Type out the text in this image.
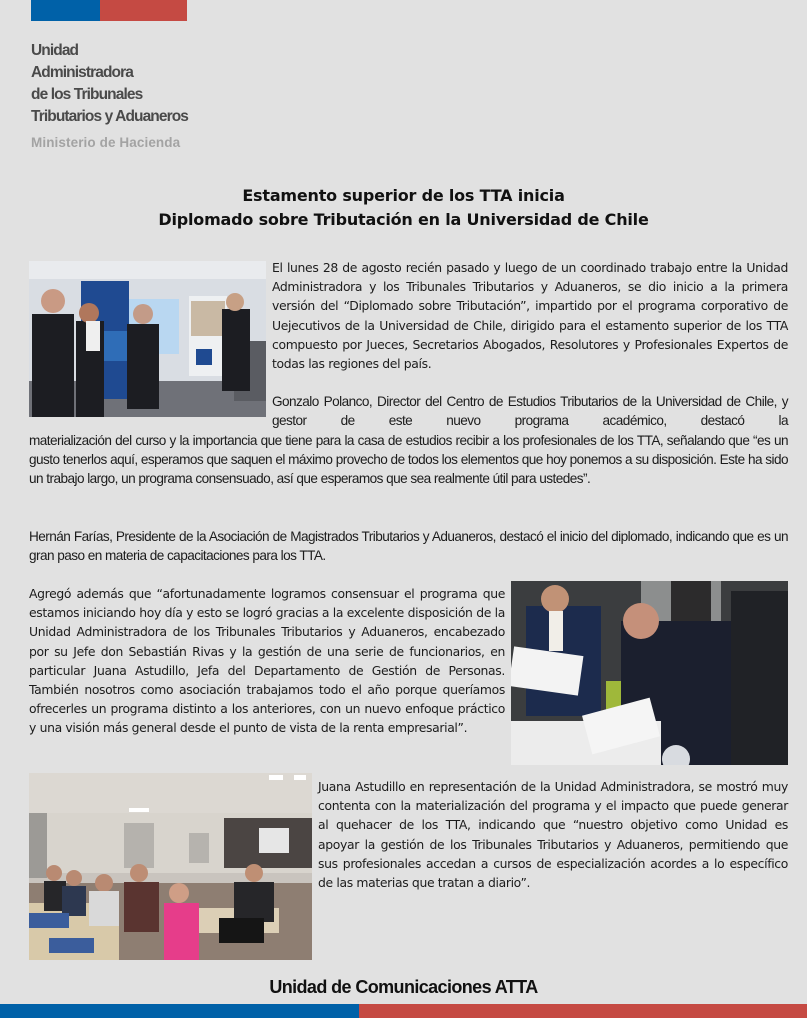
Unidad
Administradora
de los Tribunales
Tributarios y Aduaneros
Ministerio de Hacienda
Estamento superior de los TTA inicia
Diplomado sobre Tributación en la Universidad de Chile
El lunes 28 de agosto recién pasado y luego de un coordinado trabajo entre la Unidad Administradora y los Tribunales Tributarios y Aduaneros, se dio inicio a la primera versión del “Diplomado sobre Tributación”, impartido por el programa corporativo de Uejecutivos de la Universidad de Chile, dirigido para el estamento superior de los TTA compuesto por Jueces, Secretarios Abogados, Resolutores y Profesionales Expertos de todas las regiones del país.
Gonzalo Polanco, Director del Centro de Estudios Tributarios de la Universidad de Chile, y gestor de este nuevo programa académico, destacó la
materialización del curso y la importancia que tiene para la casa de estudios recibir a los profesionales de los TTA, señalando que “es un gusto tenerlos aquí, esperamos que saquen el máximo provecho de todos los elementos que hoy ponemos a su disposición. Este ha sido un trabajo largo, un programa consensuado, así que esperamos que sea realmente útil para ustedes”.
Hernán Farías, Presidente de la Asociación de Magistrados Tributarios y Aduaneros, destacó el inicio del diplomado, indicando que es un gran paso en materia de capacitaciones para los TTA.
Agregó además que “afortunadamente logramos consensuar el programa que estamos iniciando hoy día y esto se logró gracias a la excelente disposición de la Unidad Administradora de los Tribunales Tributarios y Aduaneros, encabezado por su Jefe don Sebastián Rivas y la gestión de una serie de funcionarios, en particular Juana Astudillo, Jefa del Departamento de Gestión de Personas. También nosotros como asociación trabajamos todo el año porque queríamos ofrecerles un programa distinto a los anteriores, con un nuevo enfoque práctico y una visión más general desde el punto de vista de la renta empresarial”.
Juana Astudillo en representación de la Unidad Administradora, se mostró muy contenta con la materialización del programa y el impacto que puede generar al quehacer de los TTA, indicando que “nuestro objetivo como Unidad es apoyar la gestión de los Tribunales Tributarios y Aduaneros, permitiendo que sus profesionales accedan a cursos de especialización acordes a lo específico de las materias que tratan a diario”.
Unidad de Comunicaciones ATTA
